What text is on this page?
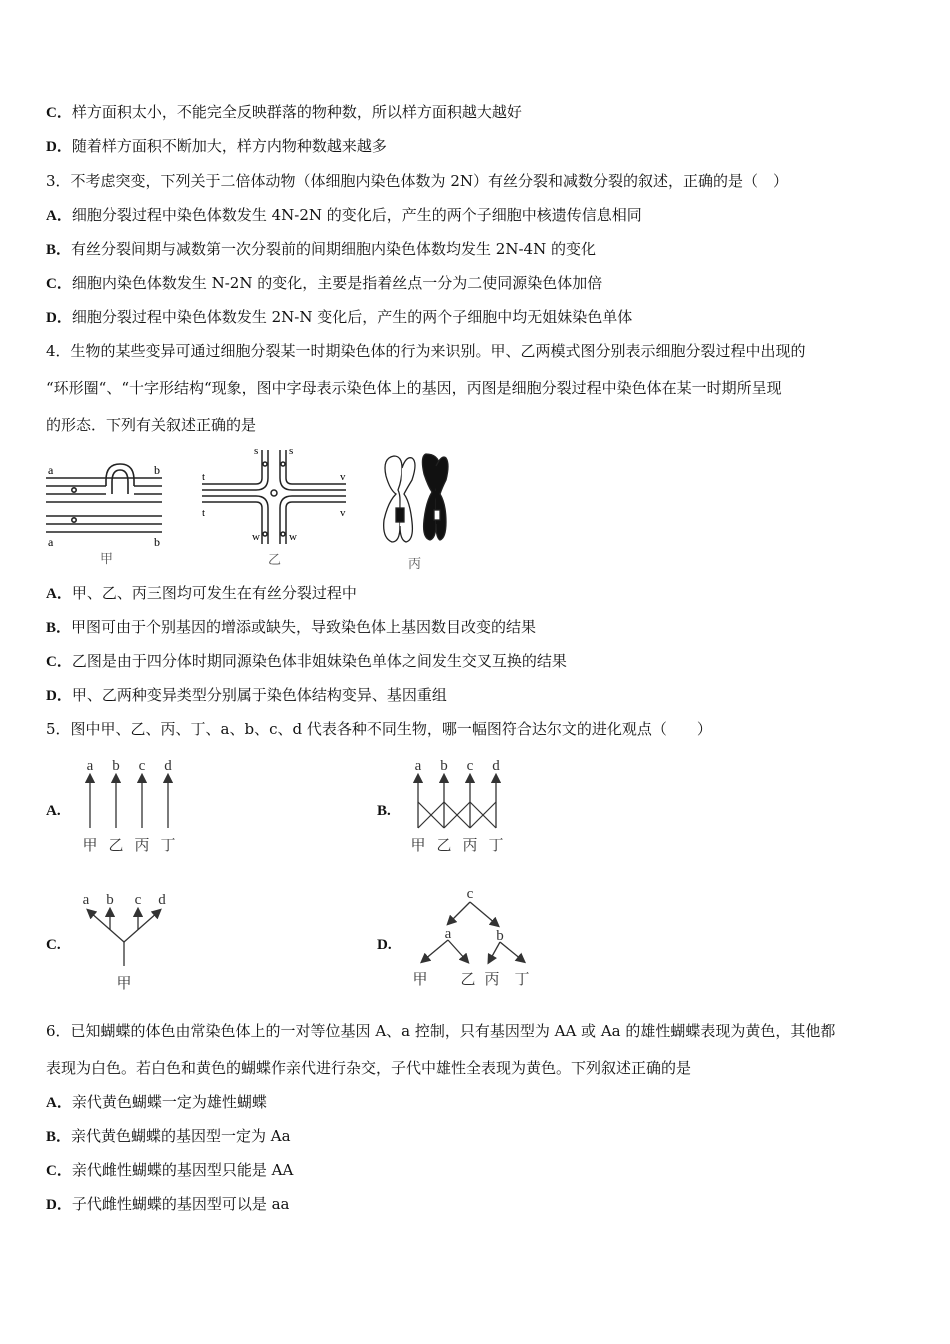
C．样方面积太小，不能完全反映群落的物种数，所以样方面积越大越好
D．随着样方面积不断加大，样方内物种数越来越多
3．不考虑突变，下列关于二倍体动物（体细胞内染色体数为 2N）有丝分裂和减数分裂的叙述，正确的是（　）
A．细胞分裂过程中染色体数发生 4N-2N 的变化后，产生的两个子细胞中核遗传信息相同
B．有丝分裂间期与减数第一次分裂前的间期细胞内染色体数均发生 2N-4N 的变化
C．细胞内染色体数发生 N-2N 的变化，主要是指着丝点一分为二使同源染色体加倍
D．细胞分裂过程中染色体数发生 2N-N 变化后，产生的两个子细胞中均无姐妹染色单体
4．生物的某些变异可通过细胞分裂某一时期染色体的行为来识别。甲、乙两模式图分别表示细胞分裂过程中出现的
“环形圈“、“十字形结构“现象，图中字母表示染色体上的基因，丙图是细胞分裂过程中染色体在某一时期所呈现
的形态．下列有关叙述正确的是
a	b
a	b
甲
s	s
t	v
t	v
w	w
乙	丙
A．甲、乙、丙三图均可发生在有丝分裂过程中
B．甲图可由于个别基因的增添或缺失，导致染色体上基因数目改变的结果
C．乙图是由于四分体时期同源染色体非姐妹染色单体之间发生交叉互换的结果
D．甲、乙两种变异类型分别属于染色体结构变异、基因重组
5．图中甲、乙、丙、丁、a、b、c、d 代表各种不同生物，哪一幅图符合达尔文的进化观点（　　）
A.
a b c d
甲 乙 丙 丁
B.
a b c d
甲 乙 丙 丁
C.
a b c d
甲
D.
c
a	b
甲 乙 丙 丁
6．已知蝴蝶的体色由常染色体上的一对等位基因 A、a 控制，只有基因型为 AA 或 Aa 的雄性蝴蝶表现为黄色，其他都
表现为白色。若白色和黄色的蝴蝶作亲代进行杂交，子代中雄性全表现为黄色。下列叙述正确的是
A．亲代黄色蝴蝶一定为雄性蝴蝶
B．亲代黄色蝴蝶的基因型一定为 Aa
C．亲代雌性蝴蝶的基因型只能是 AA
D．子代雌性蝴蝶的基因型可以是 aa
